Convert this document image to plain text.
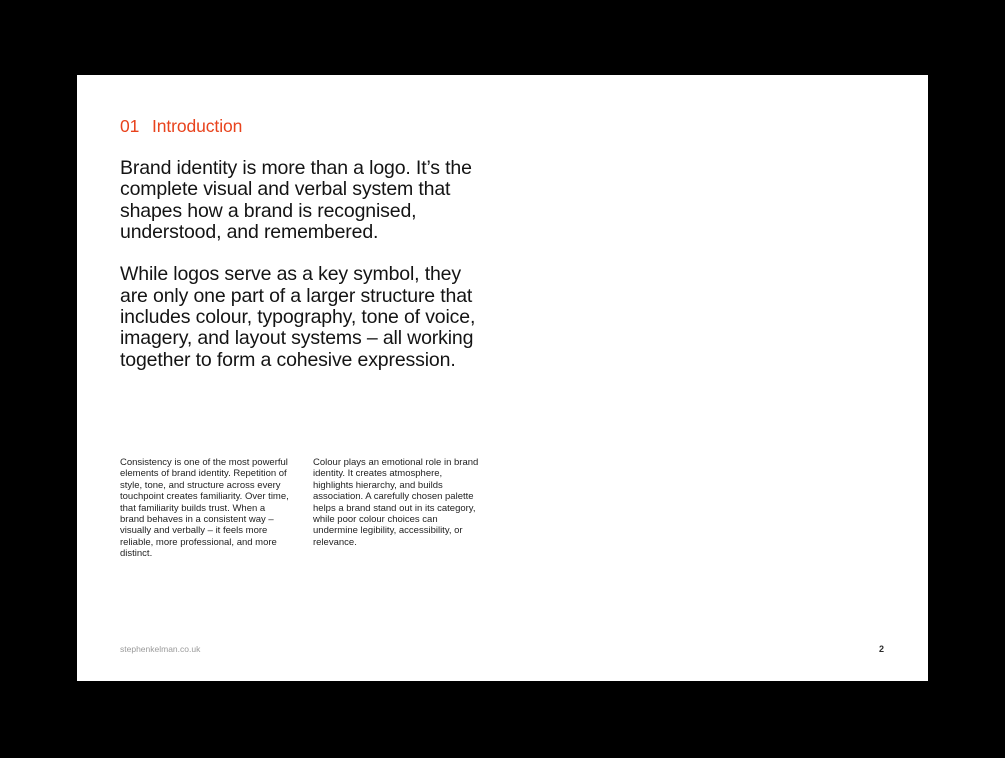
01 Introduction

Brand identity is more than a logo. It’s the complete visual and verbal system that shapes how a brand is recognised, understood, and remembered.

While logos serve as a key symbol, they are only one part of a larger structure that includes colour, typography, tone of voice, imagery, and layout systems – all working together to form a cohesive expression.

Consistency is one of the most powerful elements of brand identity. Repetition of style, tone, and structure across every touchpoint creates familiarity. Over time, that familiarity builds trust. When a brand behaves in a consistent way – visually and verbally – it feels more reliable, more professional, and more distinct.
Colour plays an emotional role in brand identity. It creates atmosphere, highlights hierarchy, and builds association. A carefully chosen palette helps a brand stand out in its category, while poor colour choices can undermine legibility, accessibility, or relevance.
stephenkelman.co.uk	2
